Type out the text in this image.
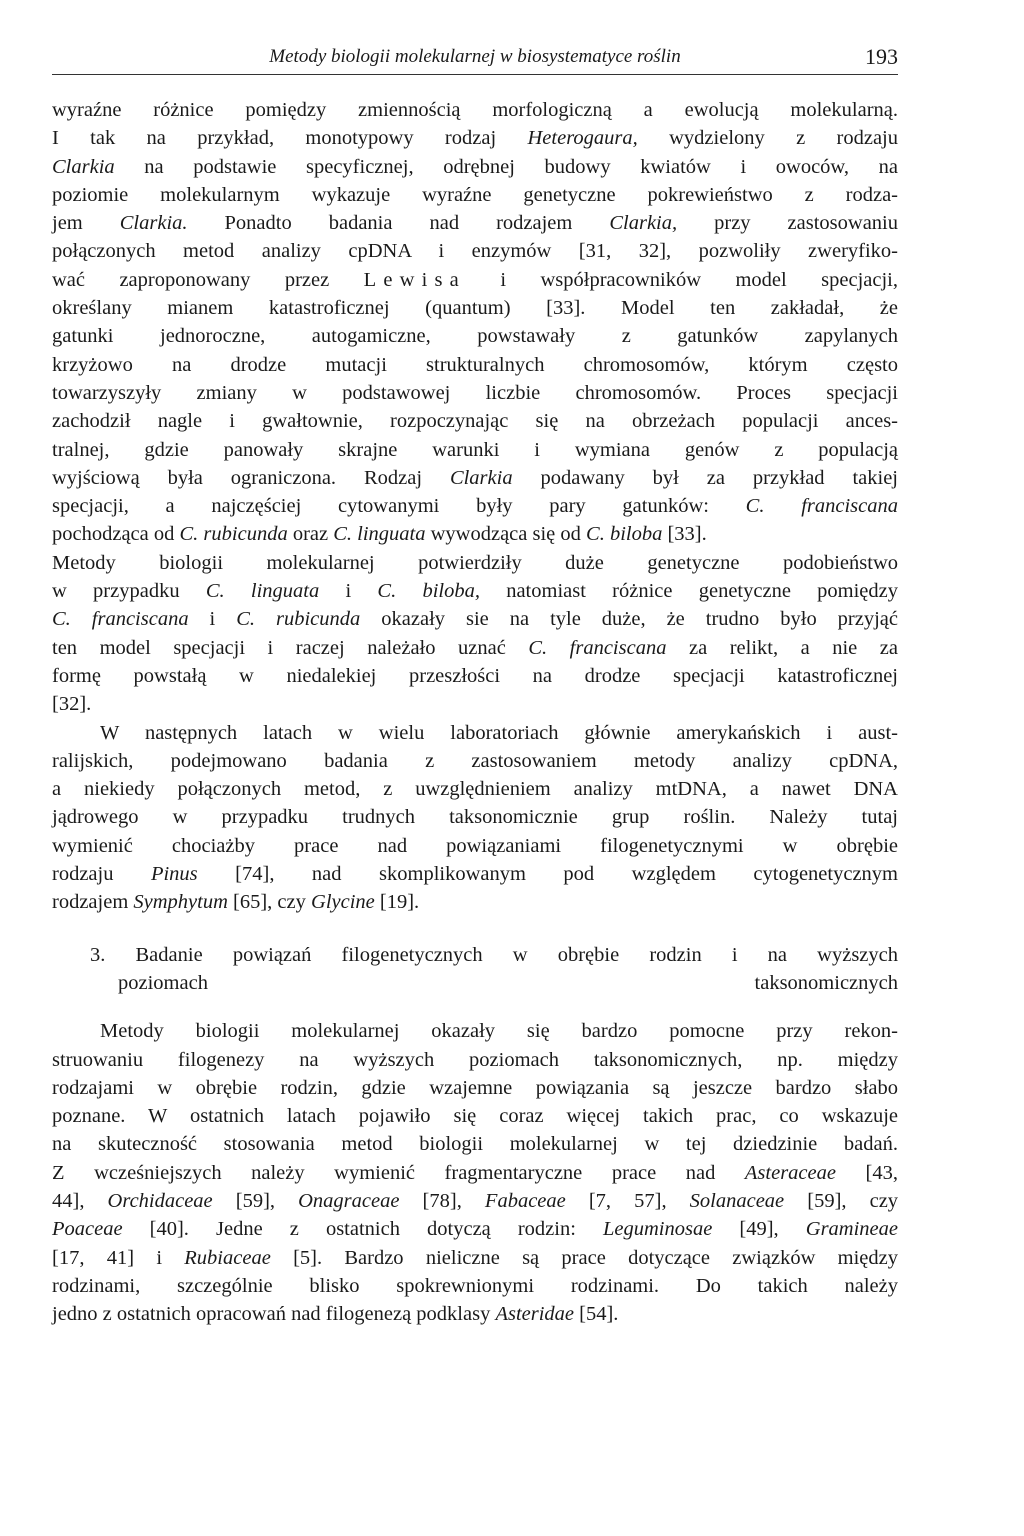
Metody biologii molekularnej w biosystematyce roślin	193
wyraźne różnice pomiędzy zmiennością morfologiczną a ewolucją molekularną.
I tak na przykład, monotypowy rodzaj Heterogaura, wydzielony z rodzaju
Clarkia na podstawie specyficznej, odrębnej budowy kwiatów i owoców, na
poziomie molekularnym wykazuje wyraźne genetyczne pokrewieństwo z rodza-
jem Clarkia. Ponadto badania nad rodzajem Clarkia, przy zastosowaniu
połączonych metod analizy cpDNA i enzymów [31, 32], pozwoliły zweryfiko-
wać zaproponowany przez Lewisa i współpracowników model specjacji,
określany mianem katastroficznej (quantum) [33]. Model ten zakładał, że
gatunki jednoroczne, autogamiczne, powstawały z gatunków zapylanych
krzyżowo na drodze mutacji strukturalnych chromosomów, którym często
towarzyszyły zmiany w podstawowej liczbie chromosomów. Proces specjacji
zachodził nagle i gwałtownie, rozpoczynając się na obrzeżach populacji ances-
tralnej, gdzie panowały skrajne warunki i wymiana genów z populacją
wyjściową była ograniczona. Rodzaj Clarkia podawany był za przykład takiej
specjacji, a najczęściej cytowanymi były pary gatunków: C. franciscana
pochodząca od C. rubicunda oraz C. linguata wywodząca się od C. biloba [33].
Metody biologii molekularnej potwierdziły duże genetyczne podobieństwo
w przypadku C. linguata i C. biloba, natomiast różnice genetyczne pomiędzy
C. franciscana i C. rubicunda okazały sie na tyle duże, że trudno było przyjąć
ten model specjacji i raczej należało uznać C. franciscana za relikt, a nie za
formę powstałą w niedalekiej przeszłości na drodze specjacji katastroficznej
[32].
W następnych latach w wielu laboratoriach głównie amerykańskich i aust-
ralijskich, podejmowano badania z zastosowaniem metody analizy cpDNA,
a niekiedy połączonych metod, z uwzględnieniem analizy mtDNA, a nawet DNA
jądrowego w przypadku trudnych taksonomicznie grup roślin. Należy tutaj
wymienić chociażby prace nad powiązaniami filogenetycznymi w obrębie
rodzaju Pinus [74], nad skomplikowanym pod względem cytogenetycznym
rodzajem Symphytum [65], czy Glycine [19].
3. Badanie powiązań filogenetycznych w obrębie rodzin i na wyższych
poziomach taksonomicznych
Metody biologii molekularnej okazały się bardzo pomocne przy rekon-
struowaniu filogenezy na wyższych poziomach taksonomicznych, np. między
rodzajami w obrębie rodzin, gdzie wzajemne powiązania są jeszcze bardzo słabo
poznane. W ostatnich latach pojawiło się coraz więcej takich prac, co wskazuje
na skuteczność stosowania metod biologii molekularnej w tej dziedzinie badań.
Z wcześniejszych należy wymienić fragmentaryczne prace nad Asteraceae [43,
44], Orchidaceae [59], Onagraceae [78], Fabaceae [7, 57], Solanaceae [59], czy
Poaceae [40]. Jedne z ostatnich dotyczą rodzin: Leguminosae [49], Gramineae
[17, 41] i Rubiaceae [5]. Bardzo nieliczne są prace dotyczące związków między
rodzinami, szczególnie blisko spokrewnionymi rodzinami. Do takich należy
jedno z ostatnich opracowań nad filogenezą podklasy Asteridae [54].
